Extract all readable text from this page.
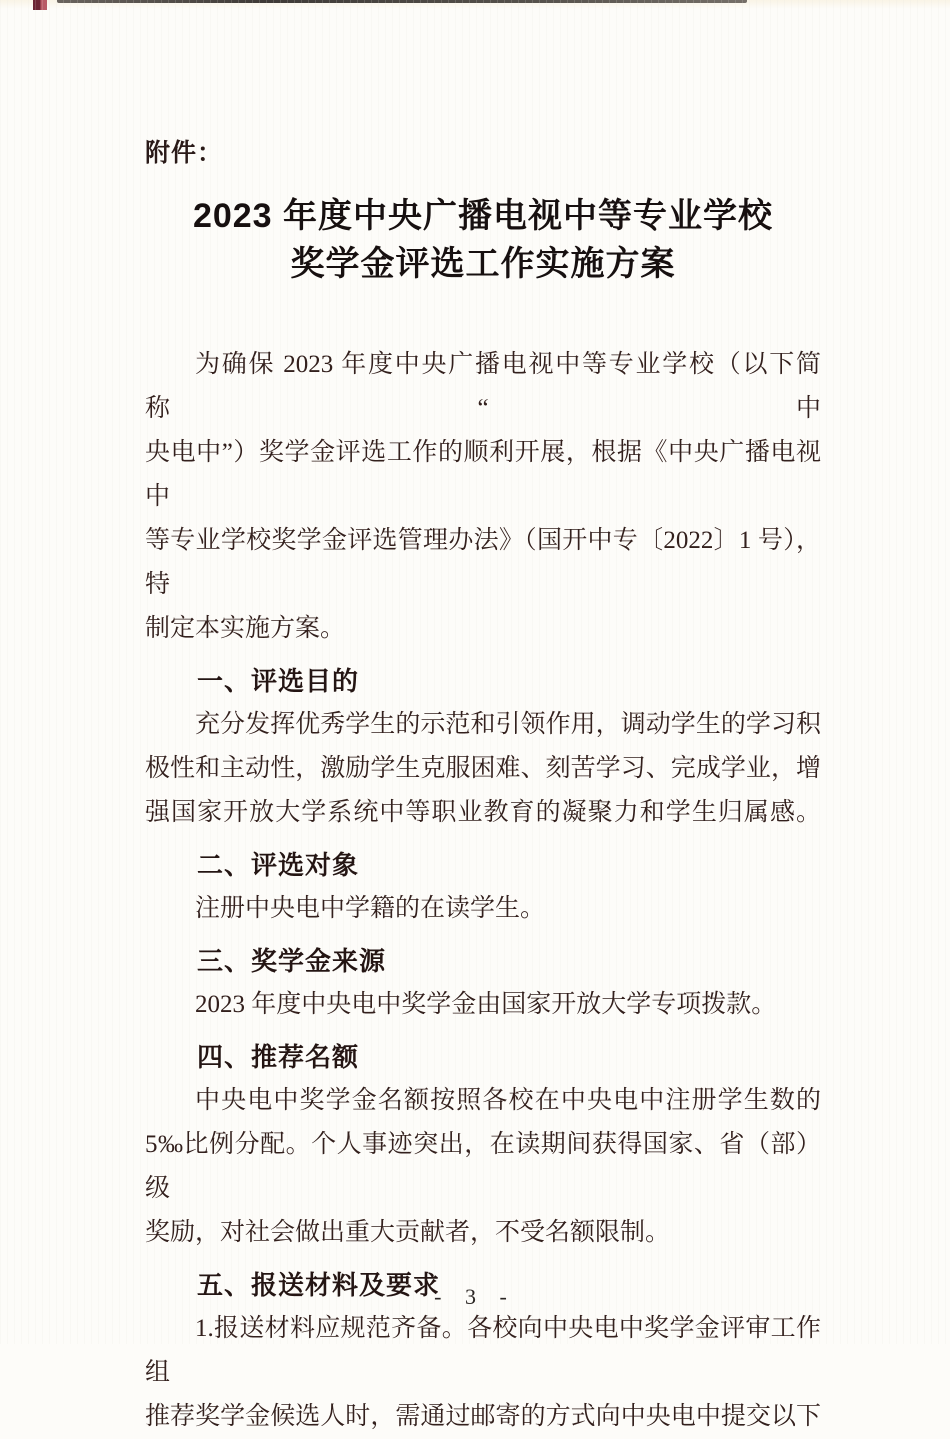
附件：
2023 年度中央广播电视中等专业学校
奖学金评选工作实施方案
为确保 2023 年度中央广播电视中等专业学校（以下简称“中
央电中”）奖学金评选工作的顺利开展，根据《中央广播电视中
等专业学校奖学金评选管理办法》（国开中专〔2022〕1 号），特
制定本实施方案。
一、评选目的
充分发挥优秀学生的示范和引领作用，调动学生的学习积
极性和主动性，激励学生克服困难、刻苦学习、完成学业，增
强国家开放大学系统中等职业教育的凝聚力和学生归属感。
二、评选对象
注册中央电中学籍的在读学生。
三、奖学金来源
2023 年度中央电中奖学金由国家开放大学专项拨款。
四、推荐名额
中央电中奖学金名额按照各校在中央电中注册学生数的
5‰比例分配。个人事迹突出，在读期间获得国家、省（部）级
奖励，对社会做出重大贡献者，不受名额限制。
五、报送材料及要求
1.报送材料应规范齐备。各校向中央电中奖学金评审工作组
推荐奖学金候选人时，需通过邮寄的方式向中央电中提交以下
- 3 -
